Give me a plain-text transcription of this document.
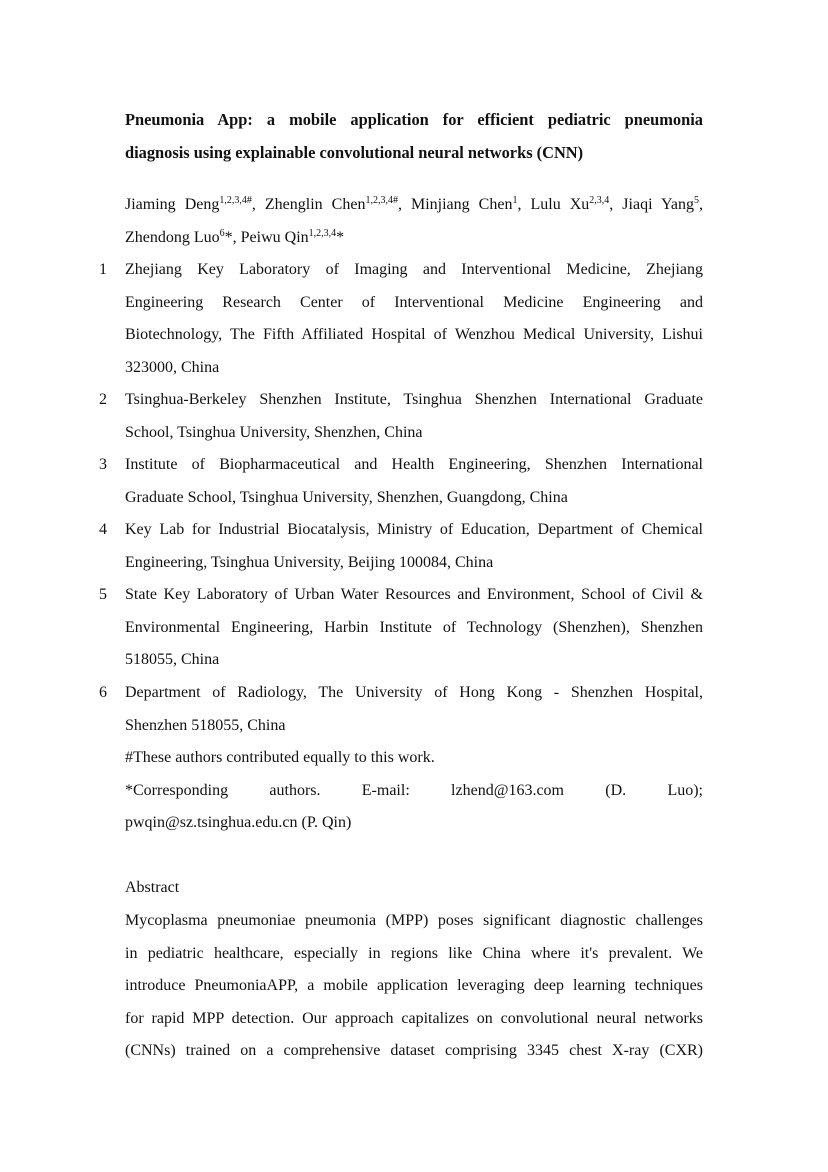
Pneumonia App: a mobile application for efficient pediatric pneumonia
diagnosis using explainable convolutional neural networks (CNN)
Jiaming Deng$^{1,2,3,4\#}$, Zhenglin Chen$^{1,2,3,4\#}$, Minjiang Chen$^1$, Lulu Xu$^{2,3,4}$, Jiaqi Yang$^5$,
Zhendong Luo$^6$*, Peiwu Qin$^{1,2,3,4}$*
1	Zhejiang Key Laboratory of Imaging and Interventional Medicine, Zhejiang
Engineering Research Center of Interventional Medicine Engineering and
Biotechnology, The Fifth Affiliated Hospital of Wenzhou Medical University, Lishui
323000, China
2	Tsinghua-Berkeley Shenzhen Institute, Tsinghua Shenzhen International Graduate
School, Tsinghua University, Shenzhen, China
3	Institute of Biopharmaceutical and Health Engineering, Shenzhen International
Graduate School, Tsinghua University, Shenzhen, Guangdong, China
4	Key Lab for Industrial Biocatalysis, Ministry of Education, Department of Chemical
Engineering, Tsinghua University, Beijing 100084, China
5	State Key Laboratory of Urban Water Resources and Environment, School of Civil &
Environmental Engineering, Harbin Institute of Technology (Shenzhen), Shenzhen
518055, China
6	Department of Radiology, The University of Hong Kong - Shenzhen Hospital,
Shenzhen 518055, China
#These authors contributed equally to this work.
*Corresponding authors. E-mail: lzhend@163.com (D. Luo);
pwqin@sz.tsinghua.edu.cn (P. Qin)
Abstract
Mycoplasma pneumoniae pneumonia (MPP) poses significant diagnostic challenges
in pediatric healthcare, especially in regions like China where it's prevalent. We
introduce PneumoniaAPP, a mobile application leveraging deep learning techniques
for rapid MPP detection. Our approach capitalizes on convolutional neural networks
(CNNs) trained on a comprehensive dataset comprising 3345 chest X-ray (CXR)
